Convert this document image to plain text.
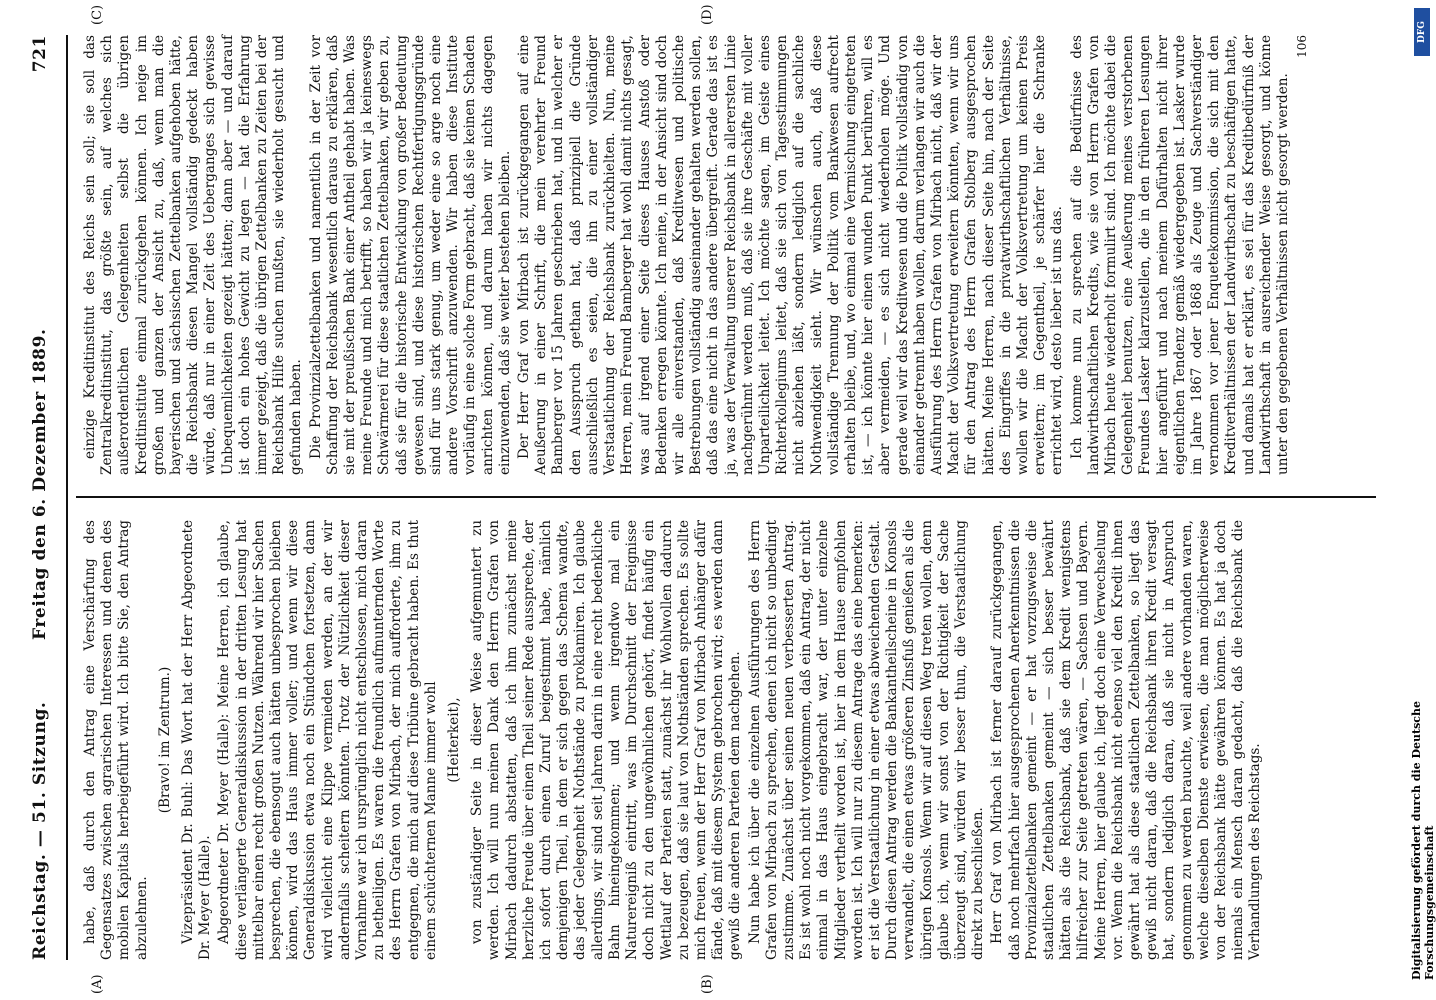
Reichstag. — 51. Sitzung.
Freitag den 6. Dezember 1889.
721

habe, daß durch den Antrag eine Verschärfung des Gegensatzes zwischen agrarischen Interessen und denen des mobilen Kapitals herbeigeführt wird. Ich bitte Sie, den Antrag abzulehnen.

(Bravo! im Zentrum.) Vizepräsident Dr. Buhl: Das Wort hat der Herr Abgeordnete Dr. Meyer (Halle). Abgeordneter Dr. Meyer (Halle): Meine Herren, ich glaube, diese verlängerte Generaldiskussion in der dritten Lesung hat mittelbar einen recht großen Nutzen. Während wir hier Sachen besprechen, die ebensogut auch hätten unbesprochen bleiben können, wird das Haus immer voller; und wenn wir diese Generaldiskussion etwa noch ein Stündchen fortsetzen, dann wird vielleicht eine Klippe vermieden werden, an der wir andernfalls scheitern könnten. Trotz der Nützlichkeit dieser Vornahme war ich ursprünglich nicht entschlossen, mich daran zu betheiligen. Es waren die freundlich aufmunternden Worte des Herrn Grafen von Mirbach, der mich aufforderte, ihm zu entgegnen, die mich auf diese Tribüne gebracht haben. Es thut einem schüchternen Manne immer wohl (Heiterkeit), von zuständiger Seite in dieser Weise aufgemuntert zu werden. Ich will nun meinen Dank den Herrn Grafen von Mirbach dadurch abstatten, daß ich ihm zunächst meine herzliche Freude über einen Theil seiner Rede ausspreche, der ich sofort durch einen Zuruf beigestimmt habe, nämlich demjenigen Theil, in dem er sich gegen das Schema wandte, das jeder Gelegenheit Nothstände zu proklamiren. Ich glaube allerdings, wir sind seit Jahren darin in eine recht bedenkliche Bahn hineingekommen; und wenn irgendwo mal ein Naturereigniß eintritt, was im Durchschnitt der Ereignisse doch nicht zu den ungewöhnlichen gehört, findet häufig ein Wettlauf der Parteien statt, zunächst ihr Wohlwollen dadurch zu bezeugen, daß sie laut von Nothständen sprechen. Es sollte mich freuen, wenn der Herr Graf von Mirbach Anhänger dafür fände, daß mit diesem System gebrochen wird; es werden dann gewiß die anderen Parteien dem nachgehen. Nun habe ich über die einzelnen Ausführungen des Herrn Grafen von Mirbach zu sprechen, denen ich nicht so unbedingt zustimme. Zunächst über seinen neuen verbesserten Antrag. Es ist wohl noch nicht vorgekommen, daß ein Antrag, der nicht einmal in das Haus eingebracht war, der unter einzelne Mitglieder vertheilt worden ist, hier in dem Hause empfohlen worden ist. Ich will nur zu diesem Antrage das eine bemerken: er ist die Verstaatlichung in einer etwas abweichenden Gestalt. Durch diesen Antrag werden die Bankantheilscheine in Konsols verwandelt, die einen etwas größeren Zinsfuß genießen als die übrigen Konsols. Wenn wir auf diesen Weg treten wollen, denn glaube ich, wenn wir sonst von der Richtigkeit der Sache überzeugt sind, würden wir besser thun, die Verstaatlichung direkt zu beschließen. Herr Graf von Mirbach ist ferner darauf zurückgegangen, daß noch mehrfach hier ausgesprochenen Anerkenntnissen die Provinzialzettelbanken gemeint — er hat vorzugsweise die staatlichen Zettelbanken gemeint — sich besser bewährt hätten als die Reichsbank, daß sie dem Kredit wenigstens hilfreicher zur Seite getreten wären, — Sachsen und Bayern. Meine Herren, hier glaube ich, liegt doch eine Verwechselung vor. Wenn die Reichsbank nicht ebenso viel den Kredit ihnen gewährt hat als diese staatlichen Zettelbanken, so liegt das gewiß nicht daran, daß die Reichsbank ihren Kredit versagt hat, sondern lediglich daran, daß sie nicht in Anspruch genommen zu werden brauchte, weil andere vorhanden waren, welche dieselben Dienste erwiesen, die man möglicherweise von der Reichsbank hätte gewähren können. Es hat ja doch niemals ein Mensch daran gedacht, daß die Reichsbank die Verhandlungen des Reichstags.

einzige Kreditinstitut des Reichs sein soll; sie soll das Zentralkreditinstitut, das größte sein, auf welches sich außerordentlichen Gelegenheiten selbst die übrigen Kreditinstitute einmal zurückgehen können. Ich neige im großen und ganzen der Ansicht zu, daß, wenn man die bayerischen und sächsischen Zettelbanken aufgehoben hätte, die Reichsbank diesen Mangel vollständig gedeckt haben würde, daß nur in einer Zeit des Ueberganges sich gewisse Unbequemlichkeiten gezeigt hätten; dann aber — und darauf ist doch ein hohes Gewicht zu legen — hat die Erfahrung immer gezeigt, daß die übrigen Zettelbanken zu Zeiten bei der Reichsbank Hilfe suchen mußten, sie wiederholt gesucht und gefunden haben. Die Provinzialzettelbanken und namentlich in der Zeit vor Schaffung der Reichsbank wesentlich daraus zu erklären, daß sie mit der preußischen Bank einer Antheil gehabt haben. Was meine Freunde und mich betrifft, so haben wir ja keineswegs Schwärmerei für diese staatlichen Zettelbanken, wir geben zu, daß sie für die historische Entwicklung von großer Bedeutung gewesen sind, und diese historischen Rechtfertigungsgründe sind für uns stark genug, um weder eine so arge noch eine andere Vorschrift anzuwenden. Wir haben diese Institute vorläufig in eine solche Form gebracht, daß sie keinen Schaden anrichten können, und darum haben wir nichts dagegen einzuwenden, daß sie weiter bestehen bleiben. Der Herr Graf von Mirbach ist zurückgegangen auf eine Aeußerung in einer Schrift, die mein verehrter Freund Bamberger vor 15 Jahren geschrieben hat, und in welcher er den Ausspruch gethan hat, daß prinzipiell die Gründe ausschließlich es seien, die ihn zu einer vollständiger Verstaatlichung der Reichsbank zurückhielten. Nun, meine Herren, mein Freund Bamberger hat wohl damit nichts gesagt, was auf irgend einer Seite dieses Hauses Anstoß oder Bedenken erregen könnte. Ich meine, in der Ansicht sind doch wir alle einverstanden, daß Kreditwesen und politische Bestrebungen vollständig auseinander gehalten werden sollen, daß das eine nicht in das andere übergreift. Gerade das ist es ja, was der Verwaltung unserer Reichsbank in allerersten Linie nachgerühmt werden muß, daß sie ihre Geschäfte mit voller Unparteilichkeit leitet. Ich möchte sagen, im Geiste eines Richterkollegiums leitet, daß sie sich von Tagesstimmungen nicht abziehen läßt, sondern lediglich auf die sachliche Nothwendigkeit sieht. Wir wünschen auch, daß diese vollständige Trennung der Politik vom Bankwesen aufrecht erhalten bleibe, und, wo einmal eine Vermischung eingetreten ist, — ich könnte hier einen wunden Punkt berühren, will es aber vermeiden, — es sich nicht wiederholen möge. Und gerade weil wir das Kreditwesen und die Politik vollständig von einander getrennt haben wollen, darum verlangen wir auch die Ausführung des Herrn Grafen von Mirbach nicht, daß wir der Macht der Volksvertretung erweitern könnten, wenn wir uns für den Antrag des Herrn Grafen Stolberg ausgesprochen hätten. Meine Herren, nach dieser Seite hin, nach der Seite des Eingriffes in die privatwirthschaftlichen Verhältnisse, wollen wir die Macht der Volksvertretung um keinen Preis erweitern; im Gegentheil, je schärfer hier die Schranke errichtet wird, desto lieber ist uns das. Ich komme nun zu sprechen auf die Bedürfnisse des landwirthschaftlichen Kredits, wie sie von Herrn Grafen von Mirbach heute wiederholt formulirt sind. Ich möchte dabei die Gelegenheit benutzen, eine Aeußerung meines verstorbenen Freundes Lasker klarzustellen, die in den früheren Lesungen hier angeführt und nach meinem Dafürhalten nicht ihrer eigentlichen Tendenz gemäß wiedergegeben ist. Lasker wurde im Jahre 1867 oder 1868 als Zeuge und Sachverständiger vernommen vor jener Enquetekommission, die sich mit den Kreditverhältnissen der Landwirthschaft zu beschäftigen hatte, und damals hat er erklärt, es sei für das Kreditbedürfniß der Landwirthschaft in ausreichender Weise gesorgt, und könne unter den gegebenen Verhältnissen nicht gesorgt werden.

106

(A)	(B)
(C)	(D)
DFG
Digitalisierung gefördert durch die Deutsche Forschungsgemeinschaft
